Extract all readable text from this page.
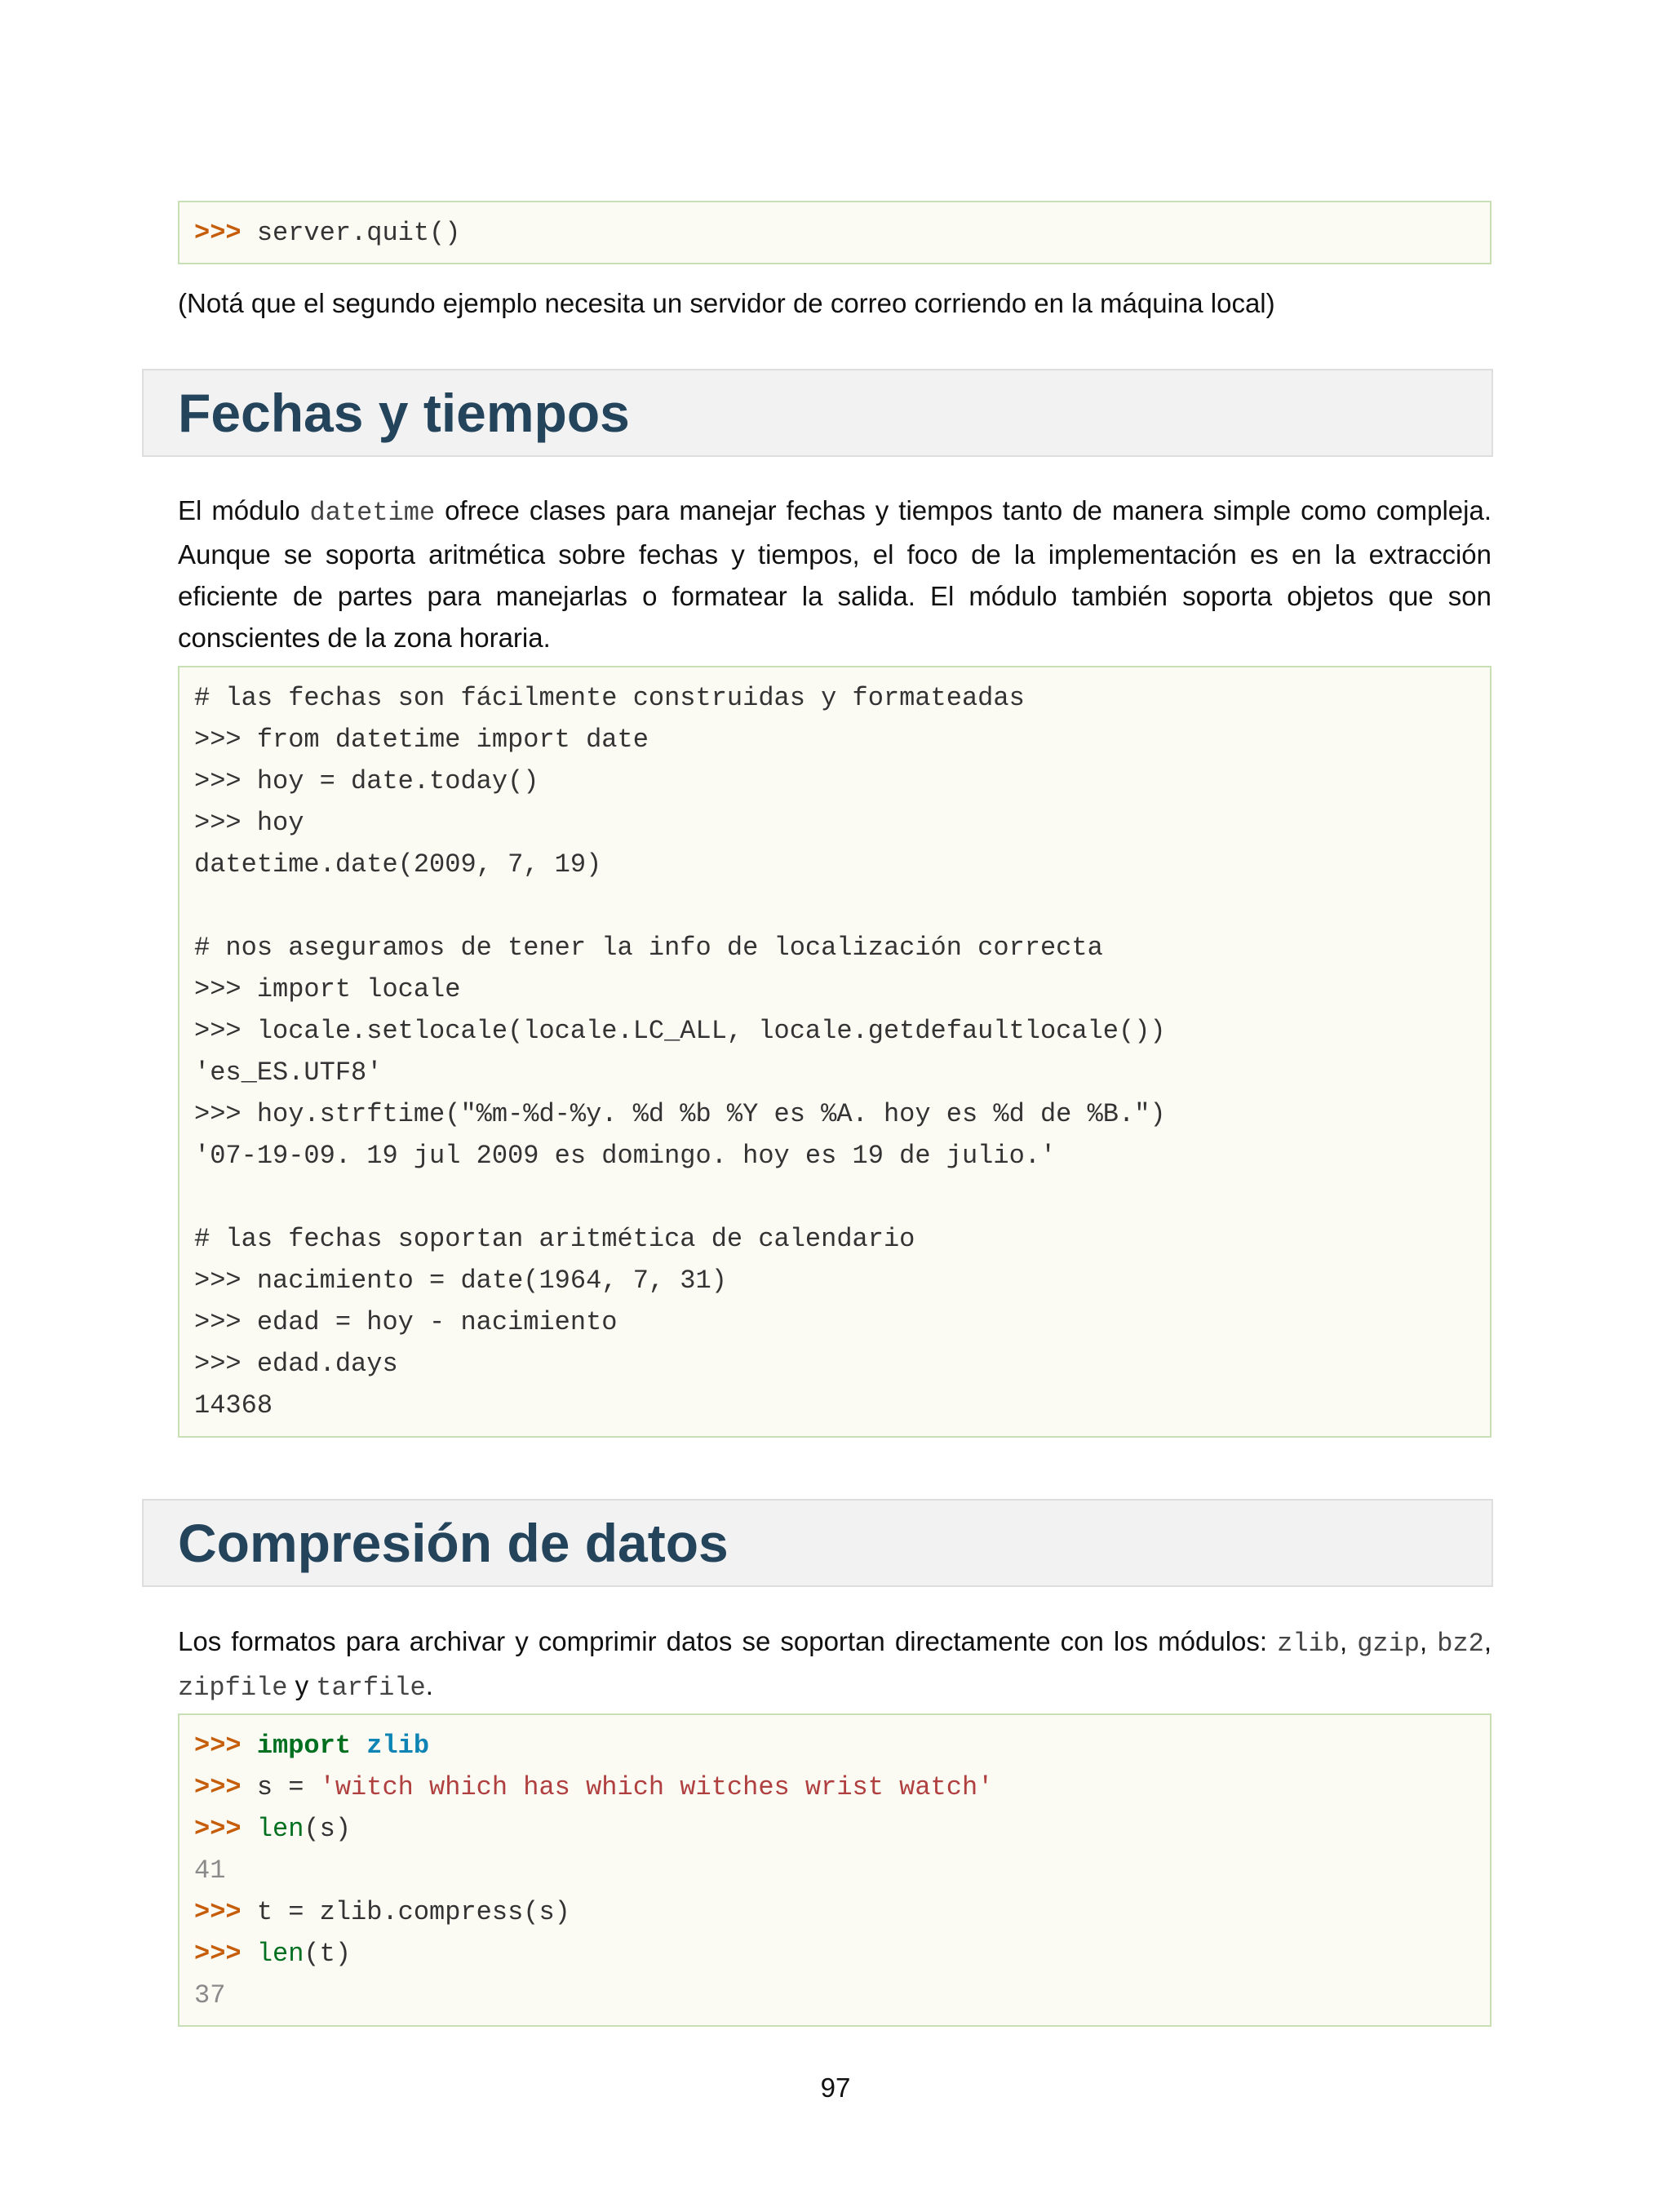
>>> server.quit()
(Notá que el segundo ejemplo necesita un servidor de correo corriendo en la máquina local)
Fechas y tiempos
El módulo datetime ofrece clases para manejar fechas y tiempos tanto de manera simple como compleja. Aunque se soporta aritmética sobre fechas y tiempos, el foco de la implementación es en la extracción eficiente de partes para manejarlas o formatear la salida. El módulo también soporta objetos que son conscientes de la zona horaria.
# las fechas son fácilmente construidas y formateadas
>>> from datetime import date
>>> hoy = date.today()
>>> hoy
datetime.date(2009, 7, 19)
# nos aseguramos de tener la info de localización correcta
>>> import locale
>>> locale.setlocale(locale.LC_ALL, locale.getdefaultlocale())
'es_ES.UTF8'
>>> hoy.strftime("%m-%d-%y. %d %b %Y es %A. hoy es %d de %B.")
'07-19-09. 19 jul 2009 es domingo. hoy es 19 de julio.'
# las fechas soportan aritmética de calendario
>>> nacimiento = date(1964, 7, 31)
>>> edad = hoy - nacimiento
>>> edad.days
14368
Compresión de datos
Los formatos para archivar y comprimir datos se soportan directamente con los módulos: zlib, gzip, bz2, zipfile y tarfile.
>>> import zlib
>>> s = 'witch which has which witches wrist watch'
>>> len(s)
41
>>> t = zlib.compress(s)
>>> len(t)
37
97
